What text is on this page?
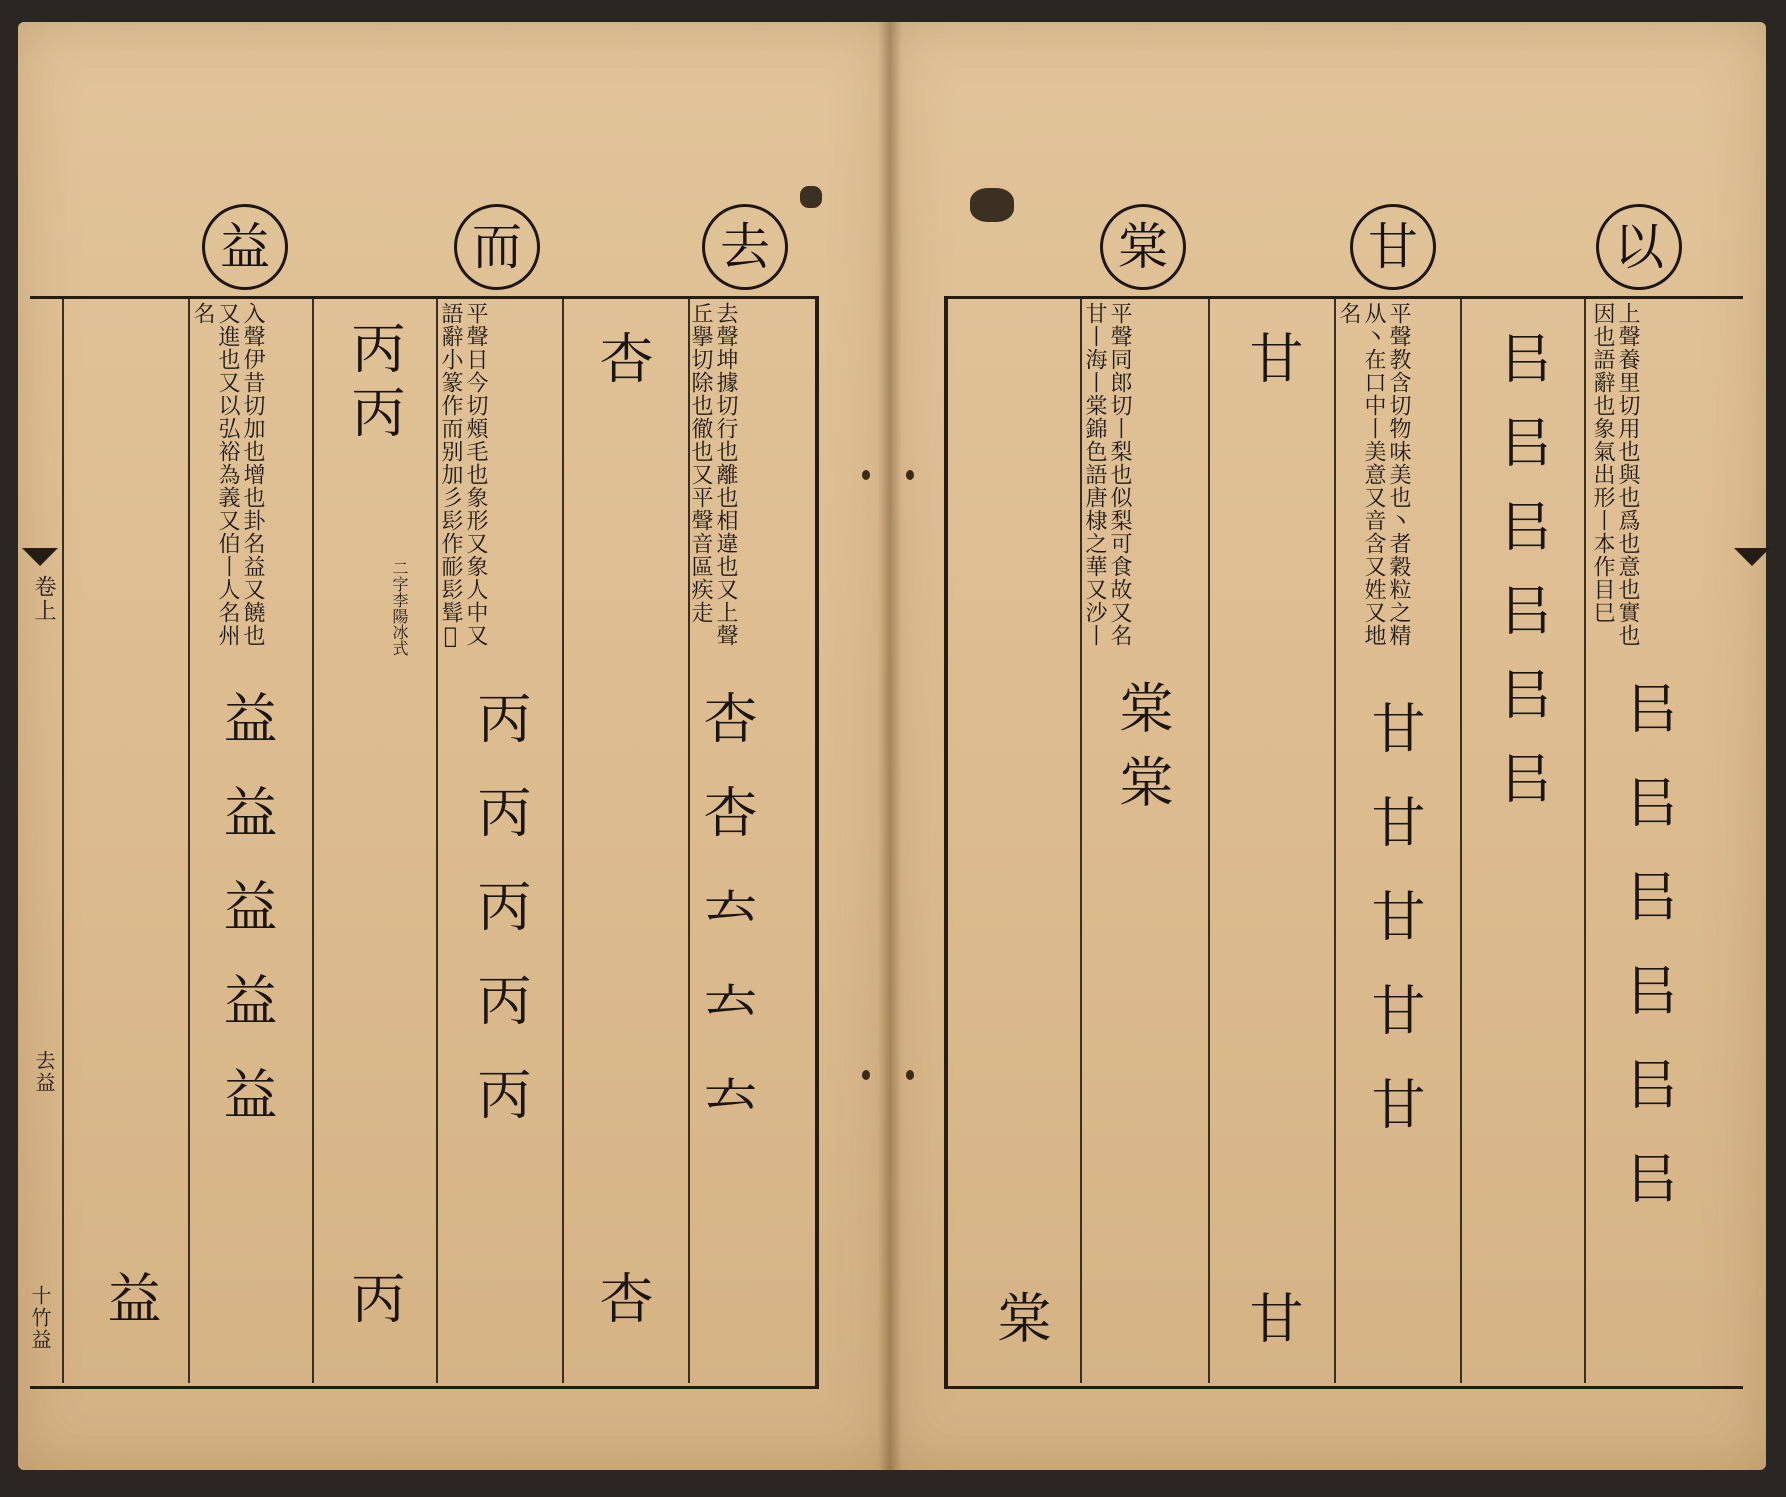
益	而	去	棠	甘	以
去聲坤據切行也離也相違也又上聲丘擧切除也徹也又平聲音區疾走
杏杏𠫓𠫓𠫓
杏
杏
平聲日今切頰毛也象形又象人中又語辭小篆作而别加彡髟作耏髟髶𩬊
丙丙丙丙丙
丙丙
二字李陽冰式
丙
入聲伊昔切加也增也卦名益又饒也又進也又以弘裕為義又伯丨人名州名
益益益益益
益
卷上
去益
十竹益
上聲養里切用也與也爲也意也實也因也語辭也象氣出形丨本作目巳
㠯㠯㠯㠯㠯㠯
㠯㠯㠯㠯㠯㠯
平聲教含切物味美也丶者穀粒之精从丶在口中丨美意又音含又姓又地名
甘甘甘甘甘
甘
甘
平聲同郎切丨梨也似梨可食故又名甘丨海丨棠錦色語唐棣之華又沙丨
棠棠
棠
